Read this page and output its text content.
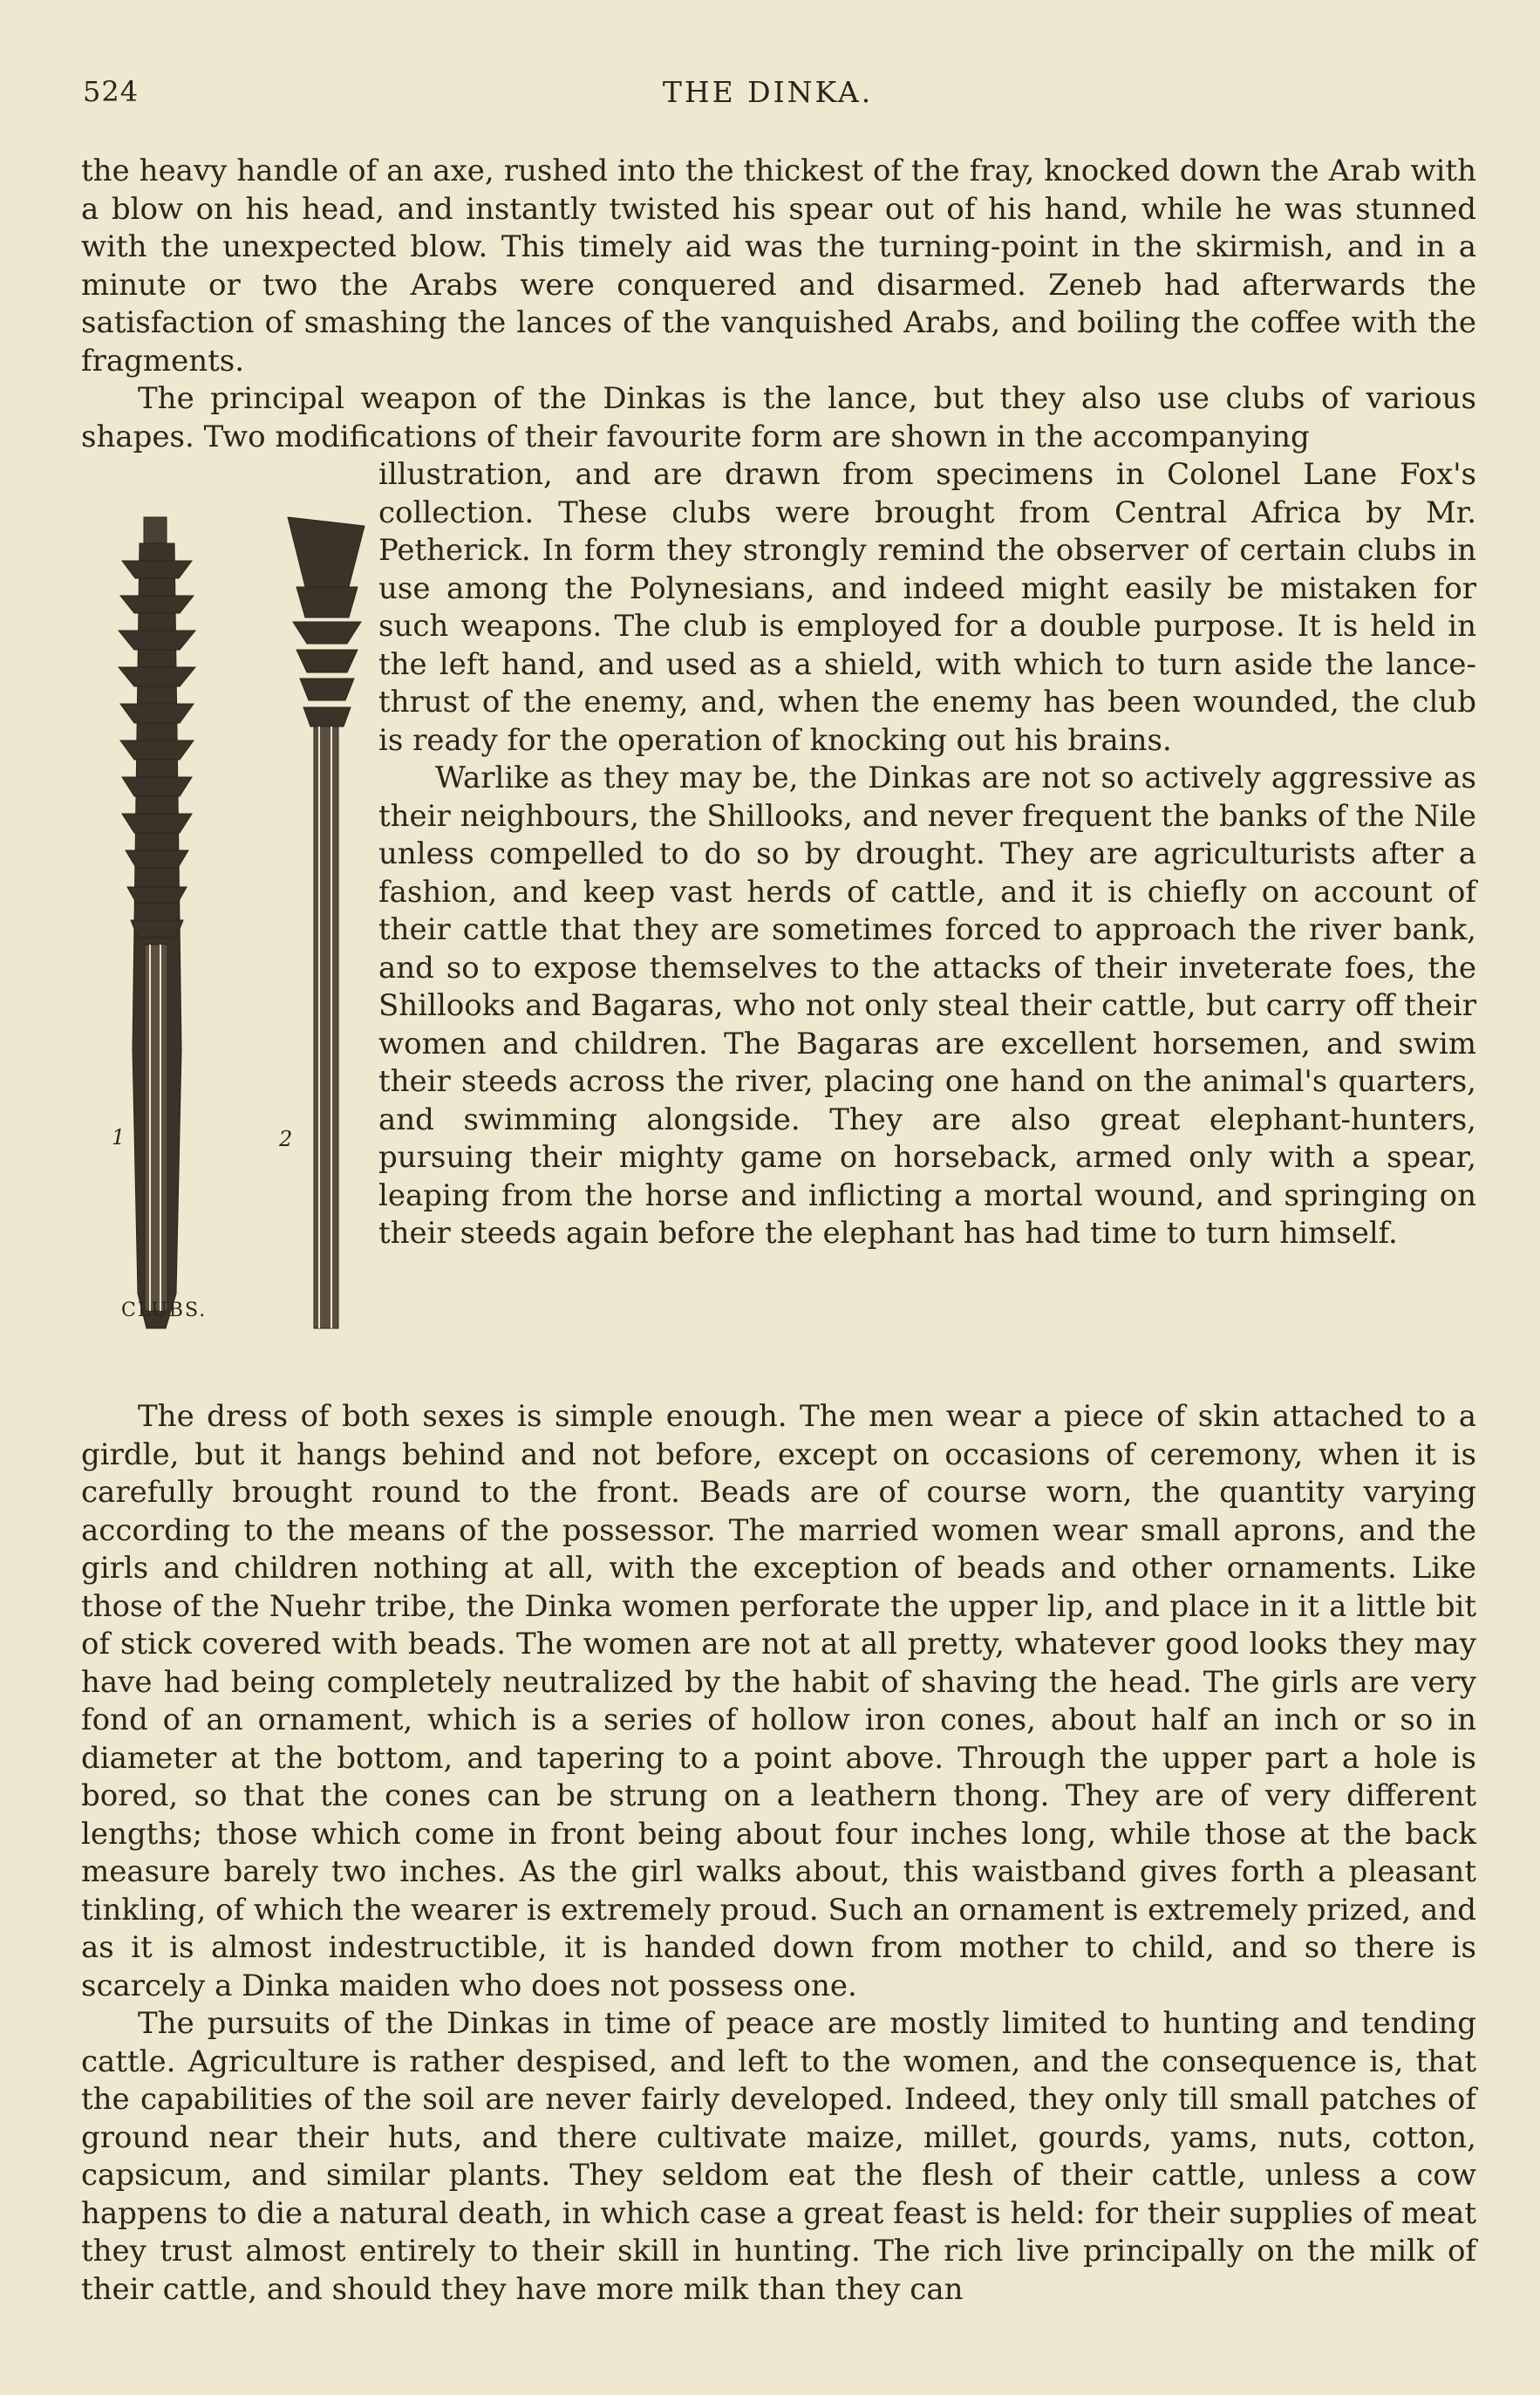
524	THE DINKA.

the heavy handle of an axe, rushed into the thickest of the fray, knocked down the Arab with a blow on his head, and instantly twisted his spear out of his hand, while he was stunned with the unexpected blow. This timely aid was the turning-point in the skirmish, and in a minute or two the Arabs were conquered and disarmed. Zeneb had afterwards the satisfaction of smashing the lances of the vanquished Arabs, and boiling the coffee with the fragments.

The principal weapon of the Dinkas is the lance, but they also use clubs of various shapes. Two modifications of their favourite form are shown in the accompanying

1	2
CLUBS.

illustration, and are drawn from specimens in Colonel Lane Fox's collection. These clubs were brought from Central Africa by Mr. Petherick. In form they strongly remind the observer of certain clubs in use among the Polynesians, and indeed might easily be mistaken for such weapons. The club is employed for a double purpose. It is held in the left hand, and used as a shield, with which to turn aside the lance-thrust of the enemy, and, when the enemy has been wounded, the club is ready for the operation of knocking out his brains.

Warlike as they may be, the Dinkas are not so actively aggressive as their neighbours, the Shillooks, and never frequent the banks of the Nile unless compelled to do so by drought. They are agriculturists after a fashion, and keep vast herds of cattle, and it is chiefly on account of their cattle that they are sometimes forced to approach the river bank, and so to expose themselves to the attacks of their inveterate foes, the Shillooks and Bagaras, who not only steal their cattle, but carry off their women and children. The Bagaras are excellent horsemen, and swim their steeds across the river, placing one hand on the animal's quarters, and swimming alongside. They are also great elephant-hunters, pursuing their mighty game on horseback, armed only with a spear, leaping from the horse and inflicting a mortal wound, and springing on their steeds again before the elephant has had time to turn himself.

The dress of both sexes is simple enough. The men wear a piece of skin attached to a girdle, but it hangs behind and not before, except on occasions of ceremony, when it is carefully brought round to the front. Beads are of course worn, the quantity varying according to the means of the possessor. The married women wear small aprons, and the girls and children nothing at all, with the exception of beads and other ornaments. Like those of the Nuehr tribe, the Dinka women perforate the upper lip, and place in it a little bit of stick covered with beads. The women are not at all pretty, whatever good looks they may have had being completely neutralized by the habit of shaving the head. The girls are very fond of an ornament, which is a series of hollow iron cones, about half an inch or so in diameter at the bottom, and tapering to a point above. Through the upper part a hole is bored, so that the cones can be strung on a leathern thong. They are of very different lengths; those which come in front being about four inches long, while those at the back measure barely two inches. As the girl walks about, this waistband gives forth a pleasant tinkling, of which the wearer is extremely proud. Such an ornament is extremely prized, and as it is almost indestructible, it is handed down from mother to child, and so there is scarcely a Dinka maiden who does not possess one.

The pursuits of the Dinkas in time of peace are mostly limited to hunting and tending cattle. Agriculture is rather despised, and left to the women, and the consequence is, that the capabilities of the soil are never fairly developed. Indeed, they only till small patches of ground near their huts, and there cultivate maize, millet, gourds, yams, nuts, cotton, capsicum, and similar plants. They seldom eat the flesh of their cattle, unless a cow happens to die a natural death, in which case a great feast is held: for their supplies of meat they trust almost entirely to their skill in hunting. The rich live principally on the milk of their cattle, and should they have more milk than they can
